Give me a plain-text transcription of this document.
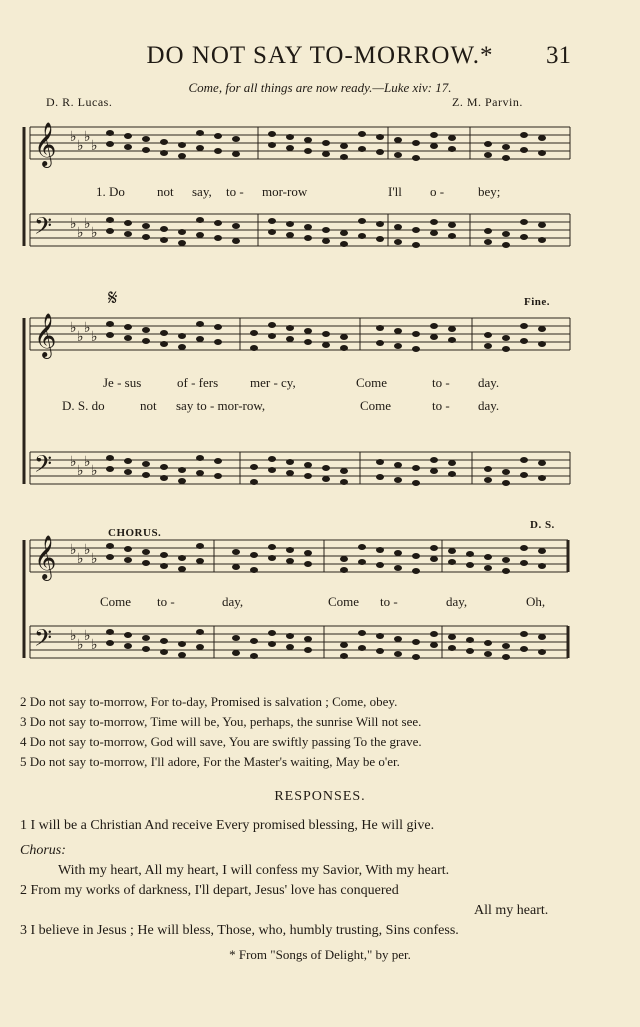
DO NOT SAY TO-MORROW.*	31
Come, for all things are now ready.—Luke xiv: 17.
D. R. Lucas.	Z. M. Parvin.
𝄞 ♭
♭
♭
♭
𝄢 ♭
♭
♭
♭
𝄞 ♭
♭
♭
♭
𝄢 ♭
♭
♭
♭
𝄞 ♭
♭
♭
♭
𝄢 ♭
♭
♭
♭
1. Do not say, to - mor-row	I'll o -	bey;
𝄋	Fine.
Je - sus	of - fers mer - cy,	Come	to - day.
D. S. do	not say to - mor-row,	Come	to - day.
CHORUS.
D. S.
Come to -	day,	Come to -	day,	Oh,
2 Do not say to-morrow, For to-day, Promised is salvation ; Come, obey.
3 Do not say to-morrow, Time will be, You, perhaps, the sunrise Will not see.
4 Do not say to-morrow, God will save, You are swiftly passing To the grave.
5 Do not say to-morrow, I'll adore, For the Master's waiting, May be o'er.
RESPONSES.
1 I will be a Christian And receive Every promised blessing, He will give.
Chorus:
With my heart, All my heart, I will confess my Savior, With my heart.
2 From my works of darkness, I'll depart, Jesus' love has conquered
All my heart.
3 I believe in Jesus ; He will bless, Those, who, humbly trusting, Sins confess.
* From "Songs of Delight," by per.
